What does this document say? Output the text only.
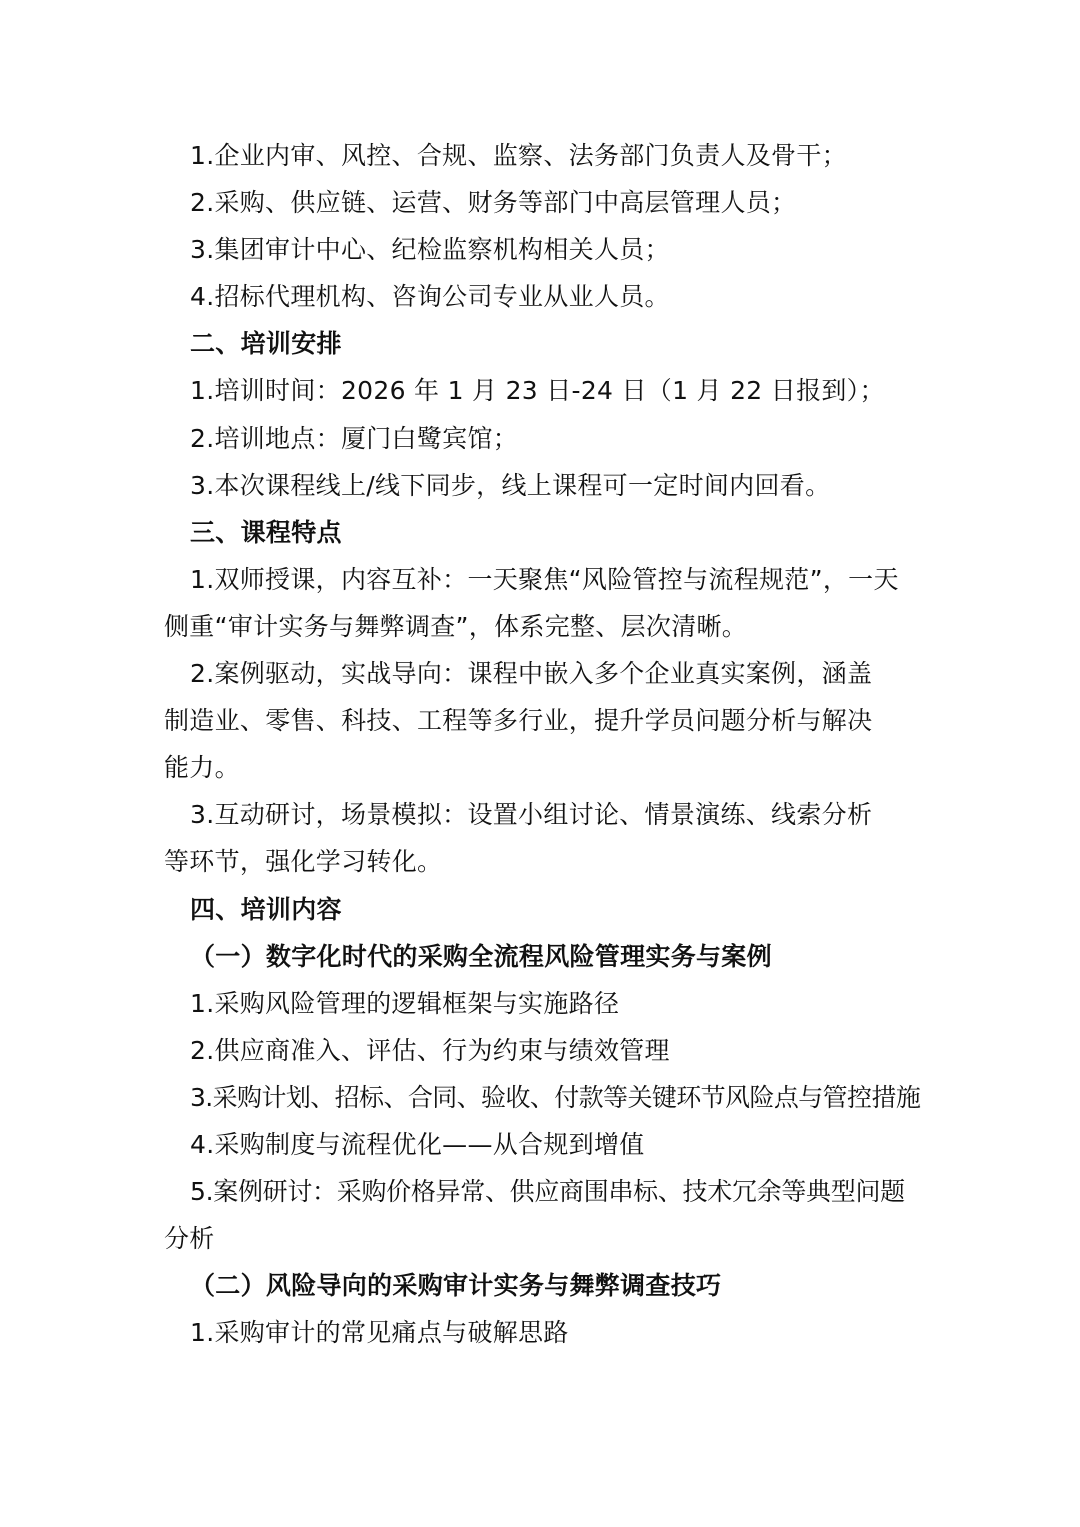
1.企业内审、风控、合规、监察、法务部门负责人及骨干；
2.采购、供应链、运营、财务等部门中高层管理人员；
3.集团审计中心、纪检监察机构相关人员；
4.招标代理机构、咨询公司专业从业人员。
二、培训安排
1.培训时间：2026 年 1 月 23 日-24 日（1 月 22 日报到）；
2.培训地点：厦门白鹭宾馆；
3.本次课程线上/线下同步，线上课程可一定时间内回看。
三、课程特点
1.双师授课，内容互补：一天聚焦“风险管控与流程规范”，一天
侧重“审计实务与舞弊调查”，体系完整、层次清晰。
2.案例驱动，实战导向：课程中嵌入多个企业真实案例，涵盖
制造业、零售、科技、工程等多行业，提升学员问题分析与解决
能力。
3.互动研讨，场景模拟：设置小组讨论、情景演练、线索分析
等环节，强化学习转化。
四、培训内容
（一）数字化时代的采购全流程风险管理实务与案例
1.采购风险管理的逻辑框架与实施路径
2.供应商准入、评估、行为约束与绩效管理
3.采购计划、招标、合同、验收、付款等关键环节风险点与管控措施
4.采购制度与流程优化——从合规到增值
5.案例研讨：采购价格异常、供应商围串标、技术冗余等典型问题
分析
（二）风险导向的采购审计实务与舞弊调查技巧
1.采购审计的常见痛点与破解思路
